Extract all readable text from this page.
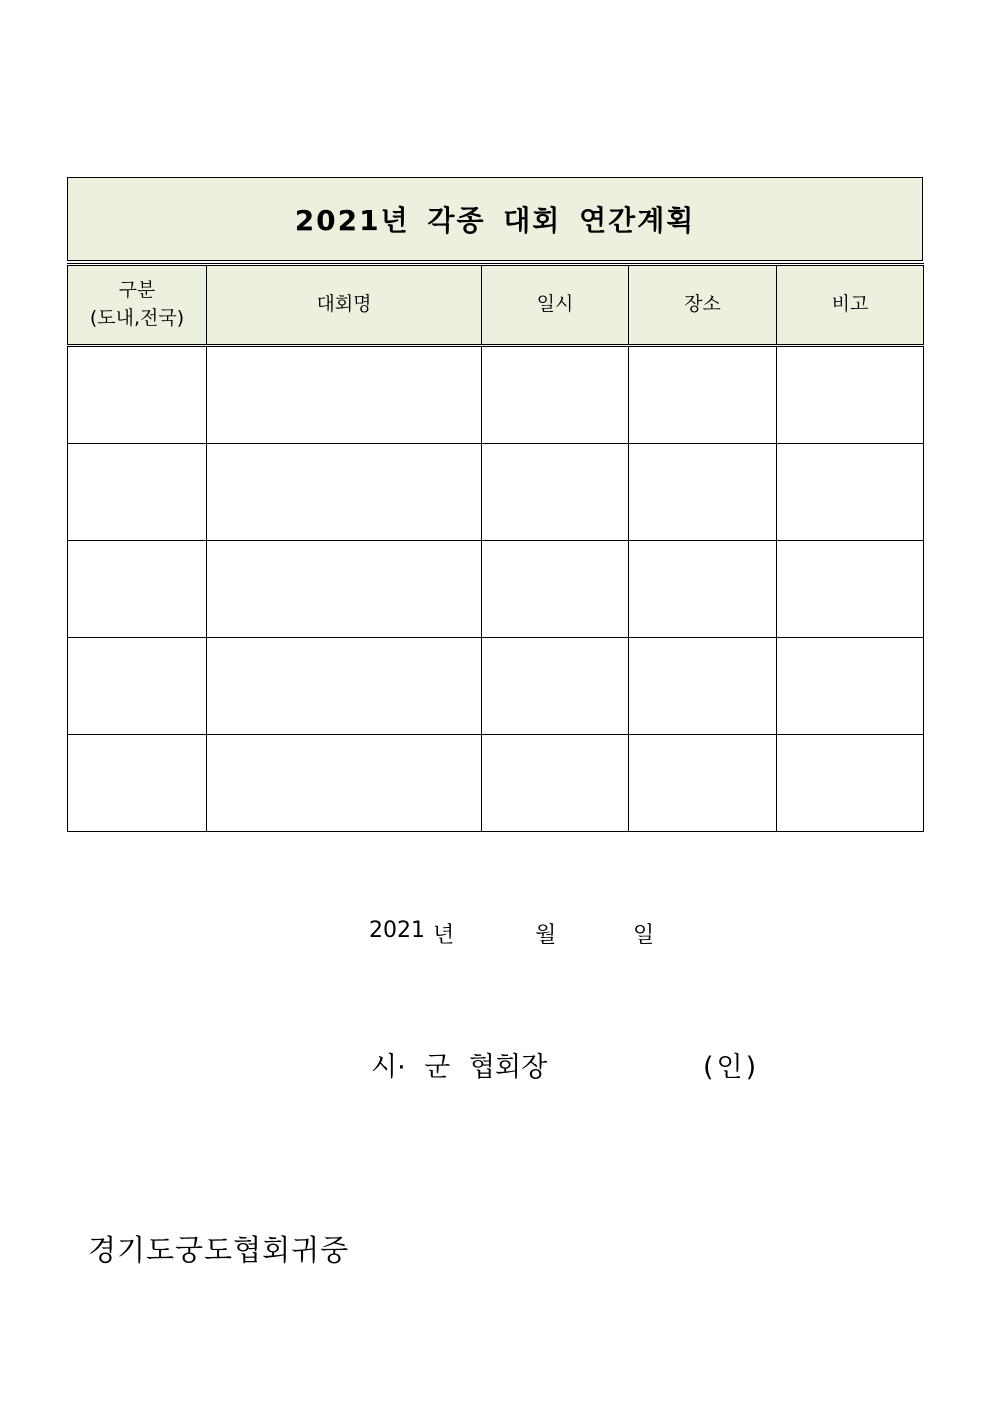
2021년 각종 대회 연간계획
구분
(도내,전국)	대회명	일시	장소	비고

2021 년	월	일
시· 군 협회장	(인)
경기도궁도협회귀중
